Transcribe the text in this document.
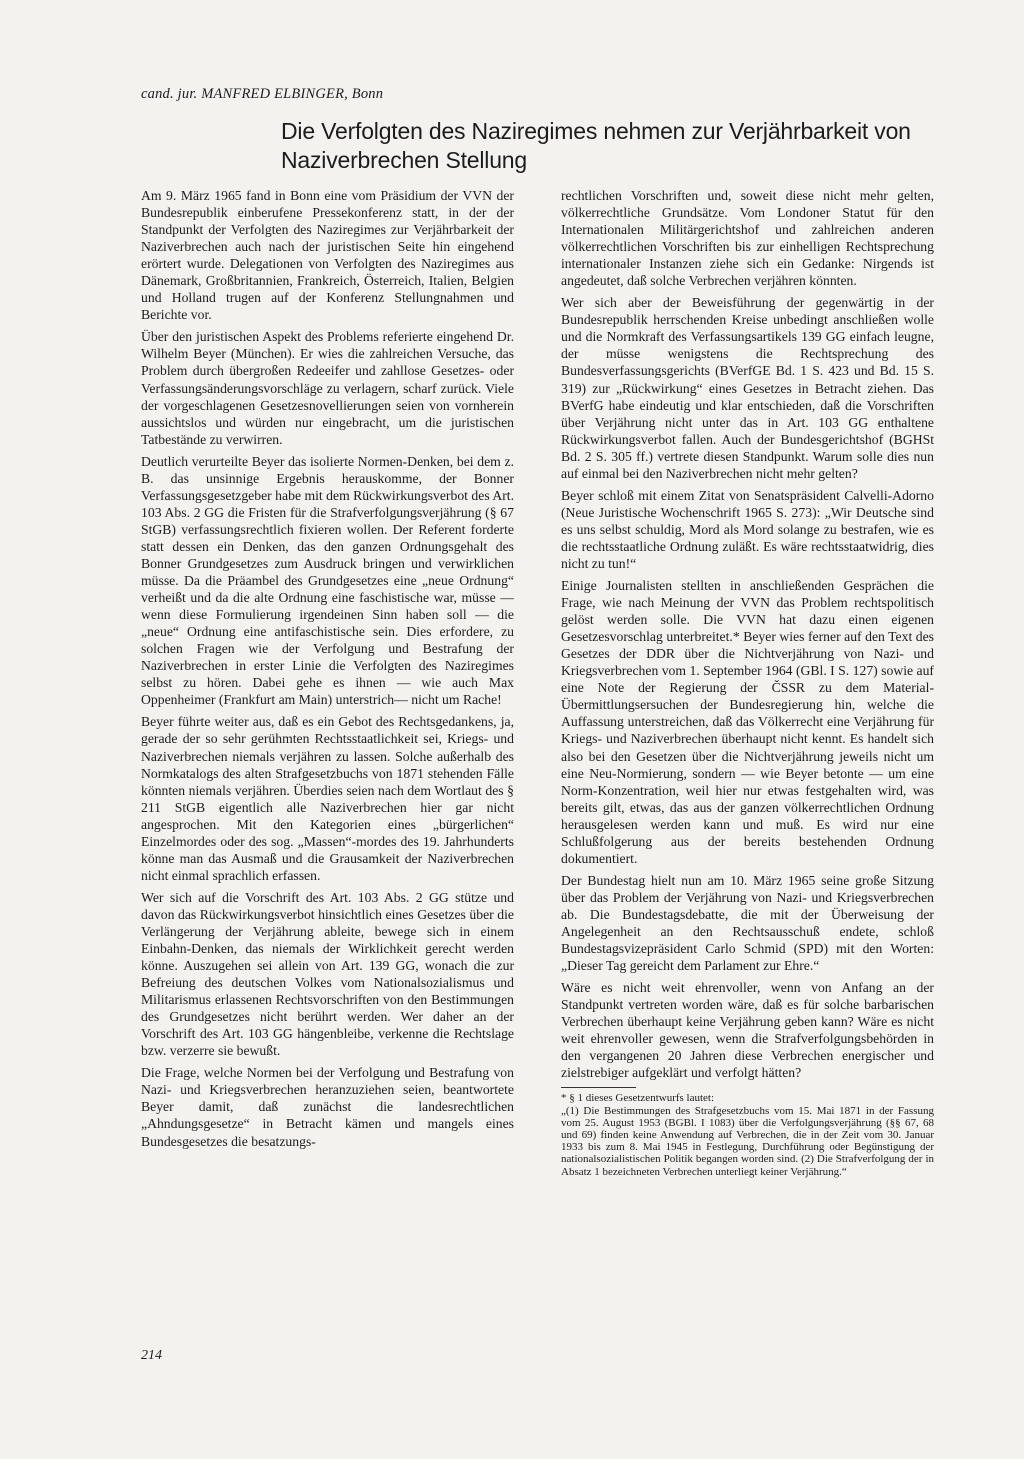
cand. jur. MANFRED ELBINGER, Bonn
Die Verfolgten des Naziregimes nehmen zur Verjährbarkeit von Naziverbrechen Stellung

Am 9. März 1965 fand in Bonn eine vom Präsidium der VVN der Bundesrepublik einberufene Pressekonferenz statt, in der der Standpunkt der Verfolgten des Naziregimes zur Verjährbarkeit der Naziverbrechen auch nach der juristischen Seite hin eingehend erörtert wurde. Delegationen von Verfolgten des Naziregimes aus Dänemark, Großbritannien, Frankreich, Österreich, Italien, Belgien und Holland trugen auf der Konferenz Stellungnahmen und Berichte vor.

Über den juristischen Aspekt des Problems referierte eingehend Dr. Wilhelm Beyer (München). Er wies die zahlreichen Versuche, das Problem durch übergroßen Redeeifer und zahllose Gesetzes- oder Verfassungsänderungsvorschläge zu verlagern, scharf zurück. Viele der vorgeschlagenen Gesetzesnovellierungen seien von vornherein aussichtslos und würden nur eingebracht, um die juristischen Tatbestände zu verwirren.

Deutlich verurteilte Beyer das isolierte Normen-Denken, bei dem z. B. das unsinnige Ergebnis herauskomme, der Bonner Verfassungsgesetzgeber habe mit dem Rückwirkungsverbot des Art. 103 Abs. 2 GG die Fristen für die Strafverfolgungsverjährung (§ 67 StGB) verfassungsrechtlich fixieren wollen. Der Referent forderte statt dessen ein Denken, das den ganzen Ordnungsgehalt des Bonner Grundgesetzes zum Ausdruck bringen und verwirklichen müsse. Da die Präambel des Grundgesetzes eine „neue Ordnung“ verheißt und da die alte Ordnung eine faschistische war, müsse — wenn diese Formulierung irgendeinen Sinn haben soll — die „neue“ Ordnung eine antifaschistische sein. Dies erfordere, zu solchen Fragen wie der Verfolgung und Bestrafung der Naziverbrechen in erster Linie die Verfolgten des Naziregimes selbst zu hören. Dabei gehe es ihnen — wie auch Max Oppenheimer (Frankfurt am Main) unterstrich— nicht um Rache!

Beyer führte weiter aus, daß es ein Gebot des Rechtsgedankens, ja, gerade der so sehr gerühmten Rechtsstaatlichkeit sei, Kriegs- und Naziverbrechen niemals verjähren zu lassen. Solche außerhalb des Normkatalogs des alten Strafgesetzbuchs von 1871 stehenden Fälle könnten niemals verjähren. Überdies seien nach dem Wortlaut des § 211 StGB eigentlich alle Naziverbrechen hier gar nicht angesprochen. Mit den Kategorien eines „bürgerlichen“ Einzelmordes oder des sog. „Massen“-mordes des 19. Jahrhunderts könne man das Ausmaß und die Grausamkeit der Naziverbrechen nicht einmal sprachlich erfassen.

Wer sich auf die Vorschrift des Art. 103 Abs. 2 GG stütze und davon das Rückwirkungsverbot hinsichtlich eines Gesetzes über die Verlängerung der Verjährung ableite, bewege sich in einem Einbahn-Denken, das niemals der Wirklichkeit gerecht werden könne. Auszugehen sei allein von Art. 139 GG, wonach die zur Befreiung des deutschen Volkes vom Nationalsozialismus und Militarismus erlassenen Rechtsvorschriften von den Bestimmungen des Grundgesetzes nicht berührt werden. Wer daher an der Vorschrift des Art. 103 GG hängenbleibe, verkenne die Rechtslage bzw. verzerre sie bewußt.

Die Frage, welche Normen bei der Verfolgung und Bestrafung von Nazi- und Kriegsverbrechen heranzuziehen seien, beantwortete Beyer damit, daß zunächst die landesrechtlichen „Ahndungsgesetze“ in Betracht kämen und mangels eines Bundesgesetzes die besatzungs-

rechtlichen Vorschriften und, soweit diese nicht mehr gelten, völkerrechtliche Grundsätze. Vom Londoner Statut für den Internationalen Militärgerichtshof und zahlreichen anderen völkerrechtlichen Vorschriften bis zur einhelligen Rechtsprechung internationaler Instanzen ziehe sich ein Gedanke: Nirgends ist angedeutet, daß solche Verbrechen verjähren könnten.

Wer sich aber der Beweisführung der gegenwärtig in der Bundesrepublik herrschenden Kreise unbedingt anschließen wolle und die Normkraft des Verfassungsartikels 139 GG einfach leugne, der müsse wenigstens die Rechtsprechung des Bundesverfassungsgerichts (BVerfGE Bd. 1 S. 423 und Bd. 15 S. 319) zur „Rückwirkung“ eines Gesetzes in Betracht ziehen. Das BVerfG habe eindeutig und klar entschieden, daß die Vorschriften über Verjährung nicht unter das in Art. 103 GG enthaltene Rückwirkungsverbot fallen. Auch der Bundesgerichtshof (BGHSt Bd. 2 S. 305 ff.) vertrete diesen Standpunkt. Warum solle dies nun auf einmal bei den Naziverbrechen nicht mehr gelten?

Beyer schloß mit einem Zitat von Senatspräsident Calvelli-Adorno (Neue Juristische Wochenschrift 1965 S. 273): „Wir Deutsche sind es uns selbst schuldig, Mord als Mord solange zu bestrafen, wie es die rechtsstaatliche Ordnung zuläßt. Es wäre rechtsstaatwidrig, dies nicht zu tun!“

Einige Journalisten stellten in anschließenden Gesprächen die Frage, wie nach Meinung der VVN das Problem rechtspolitisch gelöst werden solle. Die VVN hat dazu einen eigenen Gesetzesvorschlag unterbreitet.* Beyer wies ferner auf den Text des Gesetzes der DDR über die Nichtverjährung von Nazi- und Kriegsverbrechen vom 1. September 1964 (GBl. I S. 127) sowie auf eine Note der Regierung der ČSSR zu dem Material-Übermittlungsersuchen der Bundesregierung hin, welche die Auffassung unterstreichen, daß das Völkerrecht eine Verjährung für Kriegs- und Naziverbrechen überhaupt nicht kennt. Es handelt sich also bei den Gesetzen über die Nichtverjährung jeweils nicht um eine Neu-Normierung, sondern — wie Beyer betonte — um eine Norm-Konzentration, weil hier nur etwas festgehalten wird, was bereits gilt, etwas, das aus der ganzen völkerrechtlichen Ordnung herausgelesen werden kann und muß. Es wird nur eine Schlußfolgerung aus der bereits bestehenden Ordnung dokumentiert.

Der Bundestag hielt nun am 10. März 1965 seine große Sitzung über das Problem der Verjährung von Nazi- und Kriegsverbrechen ab. Die Bundestagsdebatte, die mit der Überweisung der Angelegenheit an den Rechtsausschuß endete, schloß Bundestagsvizepräsident Carlo Schmid (SPD) mit den Worten: „Dieser Tag gereicht dem Parlament zur Ehre.“

Wäre es nicht weit ehrenvoller, wenn von Anfang an der Standpunkt vertreten worden wäre, daß es für solche barbarischen Verbrechen überhaupt keine Verjährung geben kann? Wäre es nicht weit ehrenvoller gewesen, wenn die Strafverfolgungsbehörden in den vergangenen 20 Jahren diese Verbrechen energischer und zielstrebiger aufgeklärt und verfolgt hätten?

* § 1 dieses Gesetzentwurfs lautet:

„(1) Die Bestimmungen des Strafgesetzbuchs vom 15. Mai 1871 in der Fassung vom 25. August 1953 (BGBl. I 1083) über die Verfolgungsverjährung (§§ 67, 68 und 69) finden keine Anwendung auf Verbrechen, die in der Zeit vom 30. Januar 1933 bis zum 8. Mai 1945 in Festlegung, Durchführung oder Begünstigung der nationalsozialistischen Politik begangen worden sind. (2) Die Strafverfolgung der in Absatz 1 bezeichneten Verbrechen unterliegt keiner Verjährung.“

214
